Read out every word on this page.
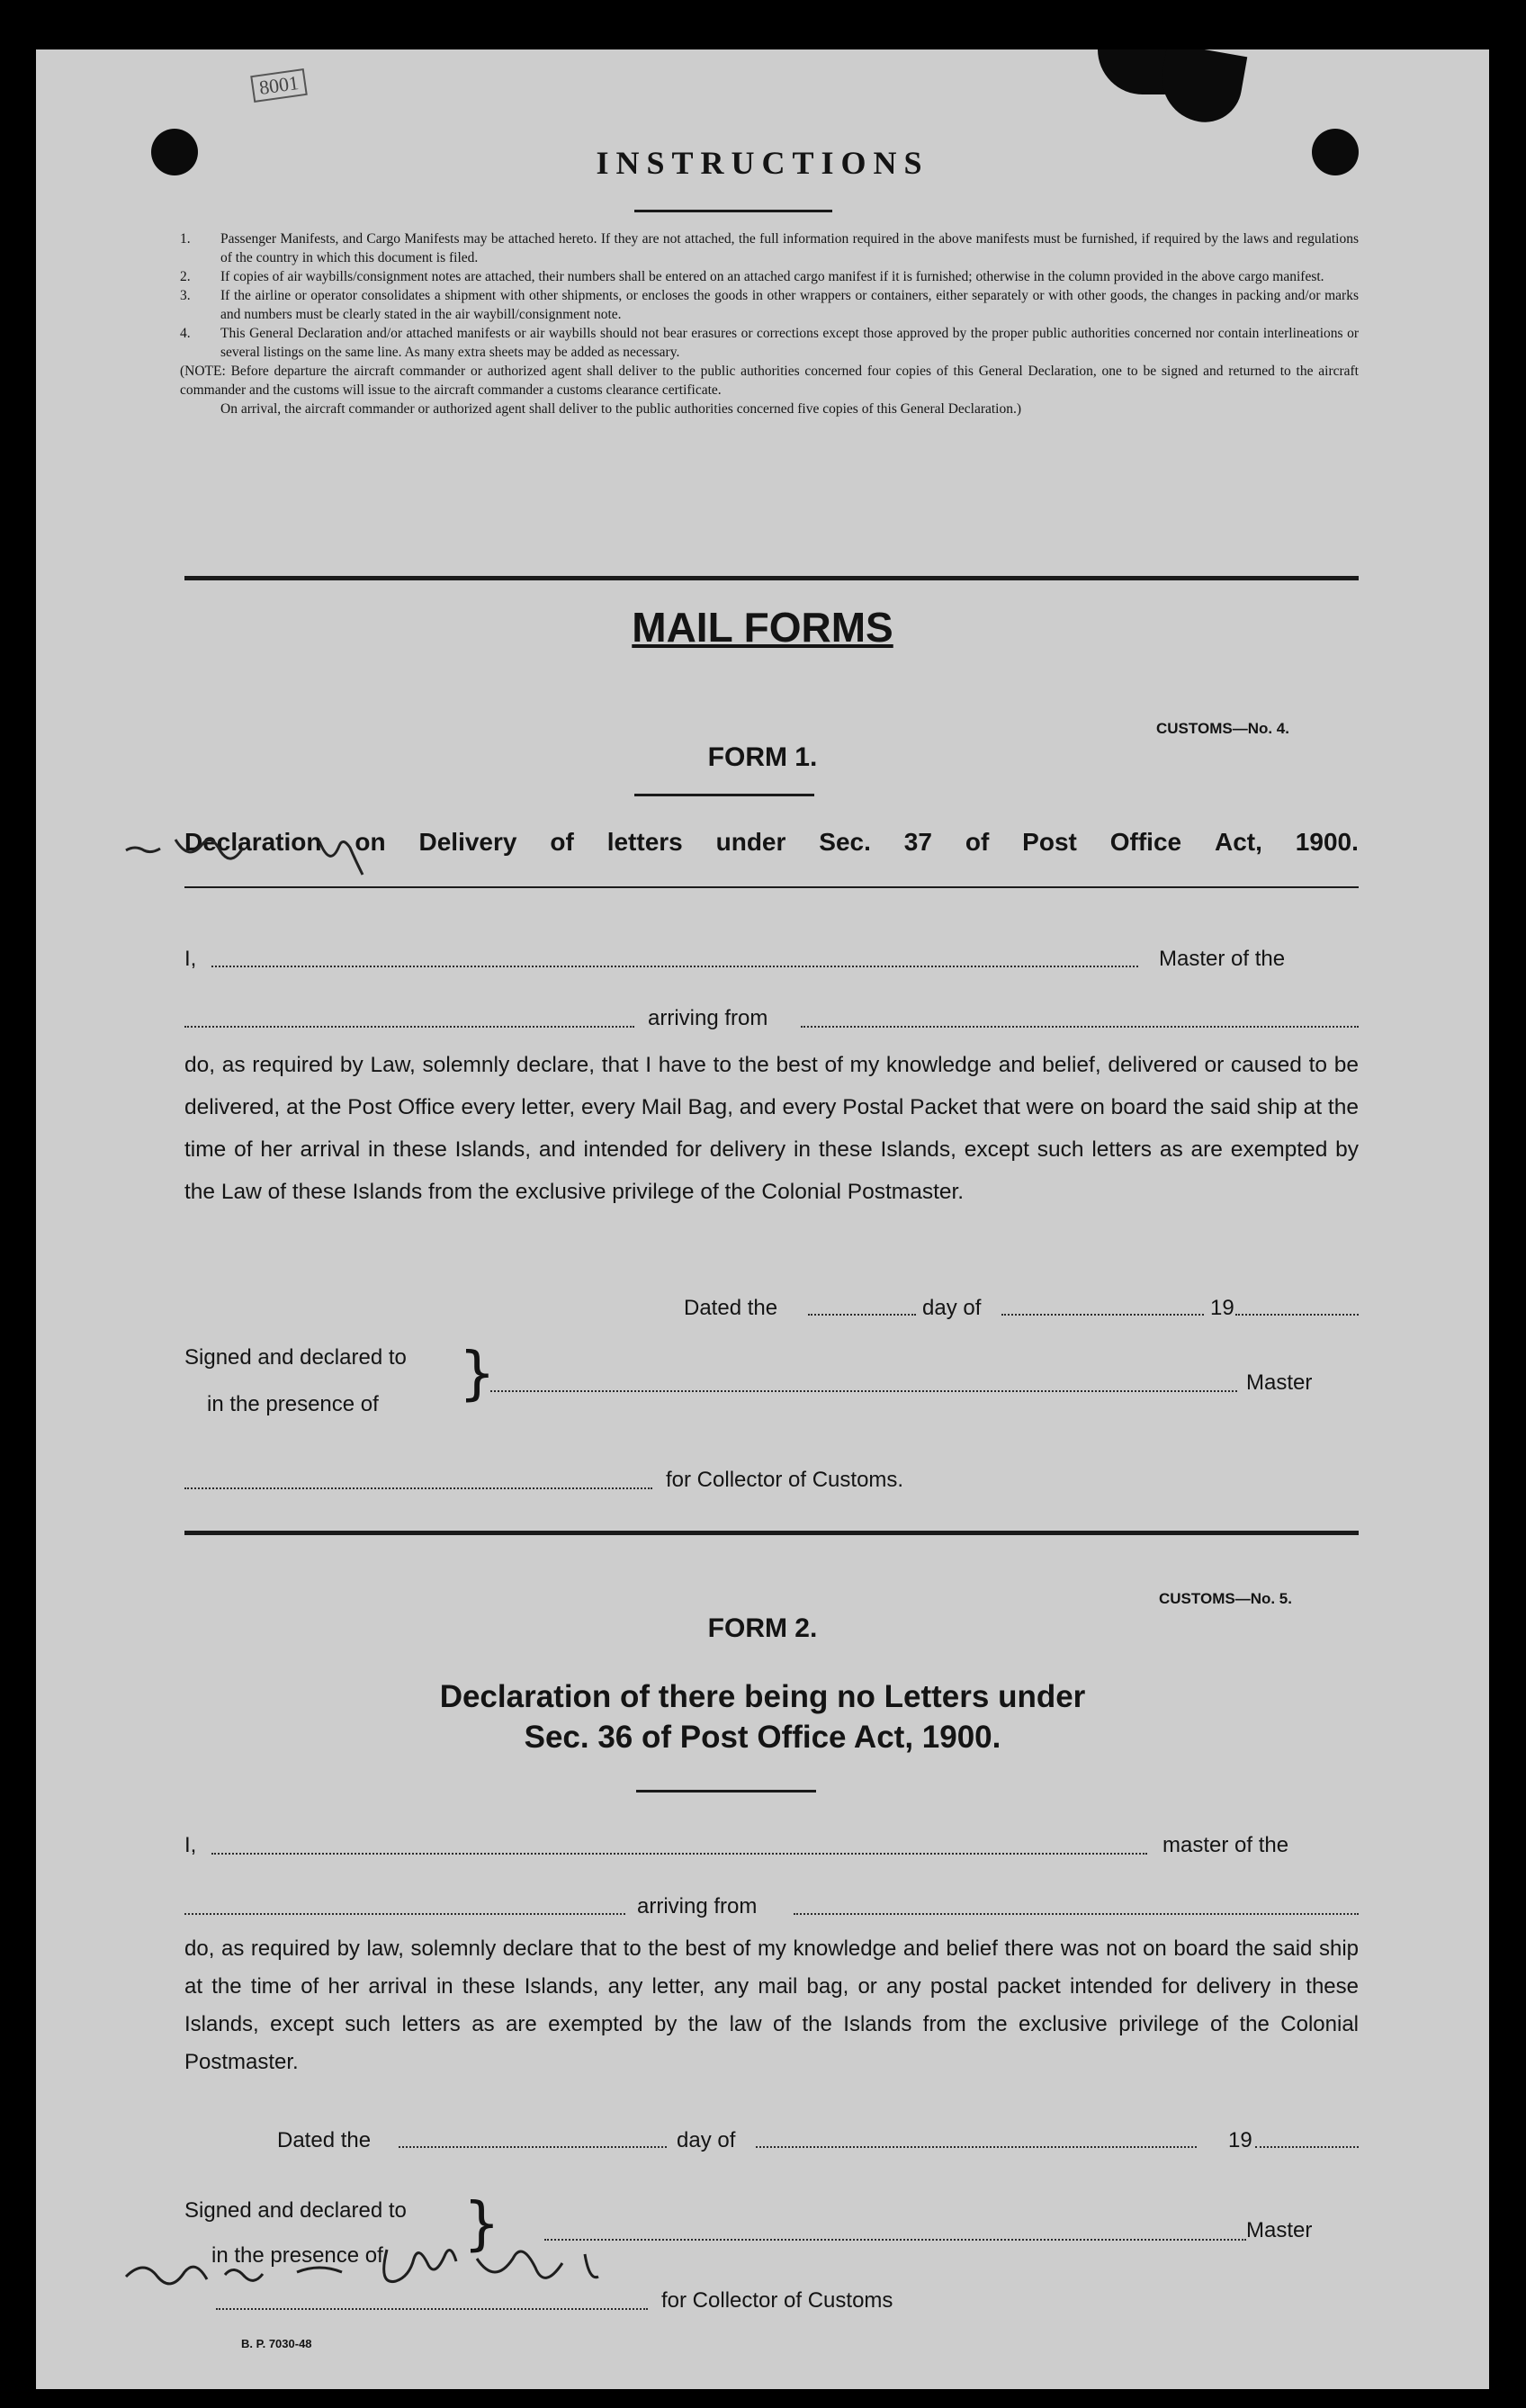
8001
INSTRUCTIONS
1.	Passenger Manifests, and Cargo Manifests may be attached hereto. If they are not attached, the full information required in the above manifests must be furnished, if required by the laws and regulations of the country in which this document is filed.
2.	If copies of air waybills/consignment notes are attached, their numbers shall be entered on an attached cargo manifest if it is furnished; otherwise in the column provided in the above cargo manifest.
3.	If the airline or operator consolidates a shipment with other shipments, or encloses the goods in other wrappers or containers, either separately or with other goods, the changes in packing and/or marks and numbers must be clearly stated in the air waybill/consignment note.
4.	This General Declaration and/or attached manifests or air waybills should not bear erasures or corrections except those approved by the proper public authorities concerned nor contain interlineations or several listings on the same line. As many extra sheets may be added as necessary.
(NOTE: Before departure the aircraft commander or authorized agent shall deliver to the public authorities concerned four copies of this General Declaration, one to be signed and returned to the aircraft commander and the customs will issue to the aircraft commander a customs clearance certificate.
On arrival, the aircraft commander or authorized agent shall deliver to the public authorities concerned five copies of this General Declaration.)
MAIL FORMS
CUSTOMS—No. 4.
FORM 1.
Declaration on Delivery of letters under Sec. 37 of Post Office Act, 1900.
I,	Master of the
arriving from
do, as required by Law, solemnly declare, that I have to the best of my knowledge and belief, delivered or caused to be delivered, at the Post Office every letter, every Mail Bag, and every Postal Packet that were on board the said ship at the time of her arrival in these Islands, and intended for delivery in these Islands, except such letters as are exempted by the Law of these Islands from the exclusive privilege of the Colonial Postmaster.
Dated the	day of	19
Signed and declared to
in the presence of }	Master
for Collector of Customs.
CUSTOMS—No. 5.
FORM 2.
Declaration of there being no Letters under
Sec. 36 of Post Office Act, 1900.
I,	master of the
arriving from
do, as required by law, solemnly declare that to the best of my knowledge and belief there was not on board the said ship at the time of her arrival in these Islands, any letter, any mail bag, or any postal packet intended for delivery in these Islands, except such letters as are exempted by the law of the Islands from the exclusive privilege of the Colonial Postmaster.
Dated the	day of	19
Signed and declared to
in the presence of }	Master
for Collector of Customs
B. P. 7030-48
